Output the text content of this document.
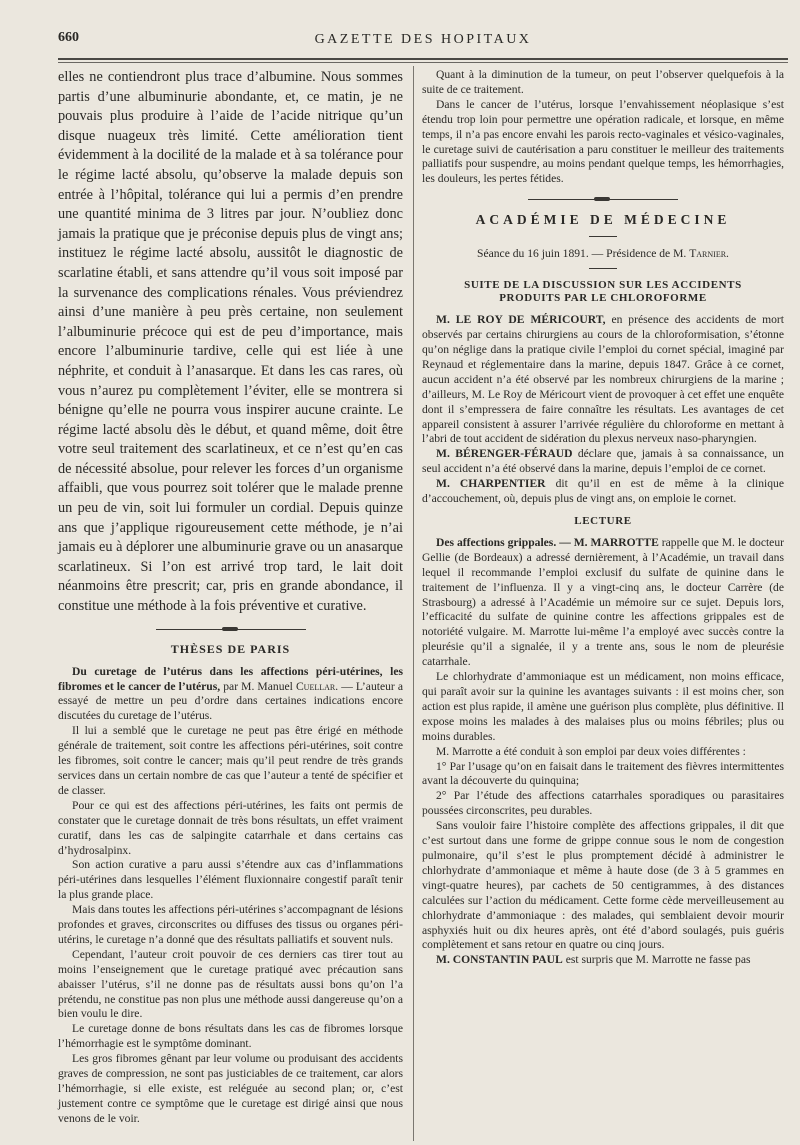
660	GAZETTE DES HOPITAUX

elles ne contiendront plus trace d’albumine. Nous sommes partis d’une albuminurie abondante, et, ce matin, je ne pouvais plus produire à l’aide de l’acide nitrique qu’un disque nuageux très limité. Cette amélioration tient évidemment à la docilité de la malade et à sa tolérance pour le régime lacté absolu, qu’observe la malade depuis son entrée à l’hôpital, tolérance qui lui a permis d’en prendre une quantité minima de 3 litres par jour. N’oubliez donc jamais la pratique que je préconise depuis plus de vingt ans; instituez le régime lacté absolu, aussitôt le diagnostic de scarlatine établi, et sans attendre qu’il vous soit imposé par la survenance des complications rénales. Vous préviendrez ainsi d’une manière à peu près certaine, non seulement l’albuminurie précoce qui est de peu d’importance, mais encore l’albuminurie tardive, celle qui est liée à une néphrite, et conduit à l’anasarque. Et dans les cas rares, où vous n’aurez pu complètement l’éviter, elle se montrera si bénigne qu’elle ne pourra vous inspirer aucune crainte. Le régime lacté absolu dès le début, et quand même, doit être votre seul traitement des scarlatineux, et ce n’est qu’en cas de nécessité absolue, pour relever les forces d’un organisme affaibli, que vous pourrez soit tolérer que le malade prenne un peu de vin, soit lui formuler un cordial. Depuis quinze ans que j’applique rigoureusement cette méthode, je n’ai jamais eu à déplorer une albuminurie grave ou un anasarque scarlatineux. Si l’on est arrivé trop tard, le lait doit néanmoins être prescrit; car, pris en grande abondance, il constitue une méthode à la fois préventive et curative.

THÈSES DE PARIS

Du curetage de l’utérus dans les affections péri-utérines, les fibromes et le cancer de l’utérus, par M. Manuel Cuellar. — L’auteur a essayé de mettre un peu d’ordre dans certaines indications encore discutées du curetage de l’utérus.

Il lui a semblé que le curetage ne peut pas être érigé en méthode générale de traitement, soit contre les affections péri-utérines, soit contre les fibromes, soit contre le cancer; mais qu’il peut rendre de très grands services dans un certain nombre de cas que l’auteur a tenté de spécifier et de classer.

Pour ce qui est des affections péri-utérines, les faits ont permis de constater que le curetage donnait de très bons résultats, un effet vraiment curatif, dans les cas de salpingite catarrhale et dans certains cas d’hydrosalpinx.

Son action curative a paru aussi s’étendre aux cas d’inflammations péri-utérines dans lesquelles l’élément fluxionnaire congestif paraît tenir la plus grande place.

Mais dans toutes les affections péri-utérines s’accompagnant de lésions profondes et graves, circonscrites ou diffuses des tissus ou organes péri-utérins, le curetage n’a donné que des résultats palliatifs et souvent nuls.

Cependant, l’auteur croit pouvoir de ces derniers cas tirer tout au moins l’enseignement que le curetage pratiqué avec précaution sans abaisser l’utérus, s’il ne donne pas de résultats aussi bons qu’on l’a prétendu, ne constitue pas non plus une méthode aussi dangereuse qu’on a bien voulu le dire.

Le curetage donne de bons résultats dans les cas de fibromes lorsque l’hémorrhagie est le symptôme dominant.

Les gros fibromes gênant par leur volume ou produisant des accidents graves de compression, ne sont pas justiciables de ce traitement, car alors l’hémorrhagie, si elle existe, est reléguée au second plan; or, c’est justement contre ce symptôme que le curetage est dirigé ainsi que nous venons de le voir.

Quant à la diminution de la tumeur, on peut l’observer quelquefois à la suite de ce traitement.

Dans le cancer de l’utérus, lorsque l’envahissement néoplasique s’est étendu trop loin pour permettre une opération radicale, et lorsque, en même temps, il n’a pas encore envahi les parois recto-vaginales et vésico-vaginales, le curetage suivi de cautérisation a paru constituer le meilleur des traitements palliatifs pour suspendre, au moins pendant quelque temps, les hémorrhagies, les douleurs, les pertes fétides.

ACADÉMIE DE MÉDECINE

Séance du 16 juin 1891. — Présidence de M. Tarnier.

SUITE DE LA DISCUSSION SUR LES ACCIDENTS
PRODUITS PAR LE CHLOROFORME

M. LE ROY DE MÉRICOURT, en présence des accidents de mort observés par certains chirurgiens au cours de la chloroformisation, s’étonne qu’on néglige dans la pratique civile l’emploi du cornet spécial, imaginé par Reynaud et réglementaire dans la marine, depuis 1847. Grâce à ce cornet, aucun accident n’a été observé par les nombreux chirurgiens de la marine ; d’ailleurs, M. Le Roy de Méricourt vient de provoquer à cet effet une enquête dont il s’empressera de faire connaître les résultats. Les avantages de cet appareil consistent à assurer l’arrivée régulière du chloroforme en mettant à l’abri de tout accident de sidération du plexus nerveux naso-pharyngien.

M. BÉRENGER-FÉRAUD déclare que, jamais à sa connaissance, un seul accident n’a été observé dans la marine, depuis l’emploi de ce cornet.

M. CHARPENTIER dit qu’il en est de même à la clinique d’accouchement, où, depuis plus de vingt ans, on emploie le cornet.

LECTURE

Des affections grippales. — M. MARROTTE rappelle que M. le docteur Gellie (de Bordeaux) a adressé dernièrement, à l’Académie, un travail dans lequel il recommande l’emploi exclusif du sulfate de quinine dans le traitement de l’influenza. Il y a vingt-cinq ans, le docteur Carrère (de Strasbourg) a adressé à l’Académie un mémoire sur ce sujet. Depuis lors, l’efficacité du sulfate de quinine contre les affections grippales est de notoriété vulgaire. M. Marrotte lui-même l’a employé avec succès contre la pleurésie qu’il a signalée, il y a trente ans, sous le nom de pleurésie catarrhale.

Le chlorhydrate d’ammoniaque est un médicament, non moins efficace, qui paraît avoir sur la quinine les avantages suivants : il est moins cher, son action est plus rapide, il amène une guérison plus complète, plus définitive. Il expose moins les malades à des malaises plus ou moins fébriles; plus ou moins durables.

M. Marrotte a été conduit à son emploi par deux voies différentes :

1° Par l’usage qu’on en faisait dans le traitement des fièvres intermittentes avant la découverte du quinquina;

2° Par l’étude des affections catarrhales sporadiques ou parasitaires poussées circonscrites, peu durables.

Sans vouloir faire l’histoire complète des affections grippales, il dit que c’est surtout dans une forme de grippe connue sous le nom de congestion pulmonaire, qu’il s’est le plus promptement décidé à administrer le chlorhydrate d’ammoniaque et même à haute dose (de 3 à 5 grammes en vingt-quatre heures), par cachets de 50 centigrammes, à des distances calculées sur l’action du médicament. Cette forme cède merveilleusement au chlorhydrate d’ammoniaque : des malades, qui semblaient devoir mourir asphyxiés huit ou dix heures après, ont été d’abord soulagés, puis guéris complètement et sans retour en quatre ou cinq jours.

M. CONSTANTIN PAUL est surpris que M. Marrotte ne fasse pas
